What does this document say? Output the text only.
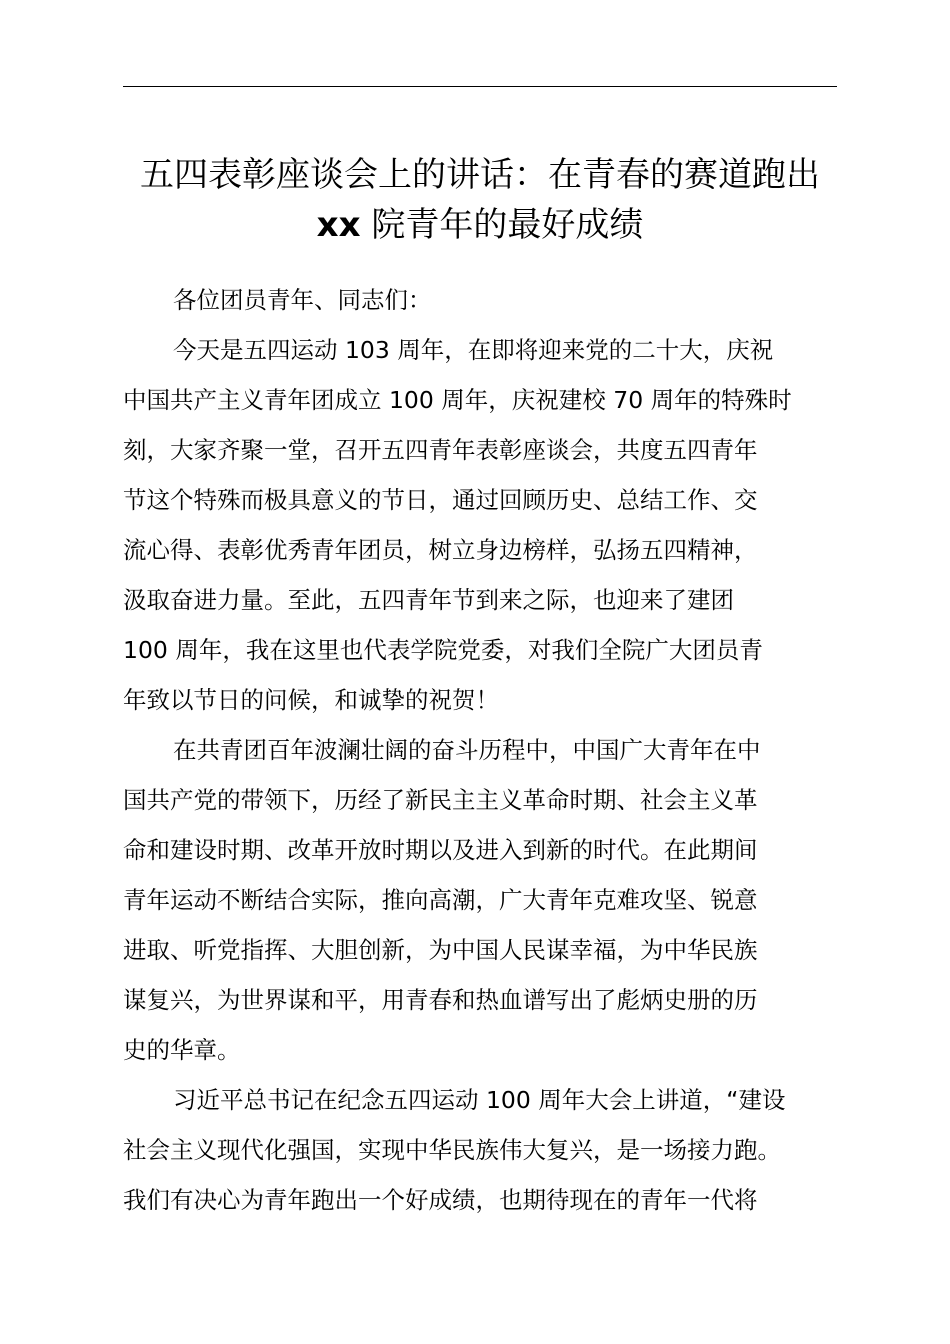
五四表彰座谈会上的讲话：在青春的赛道跑出
xx 院青年的最好成绩
各位团员青年、同志们：
今天是五四运动 103 周年，在即将迎来党的二十大，庆祝
中国共产主义青年团成立 100 周年，庆祝建校 70 周年的特殊时
刻，大家齐聚一堂，召开五四青年表彰座谈会，共度五四青年
节这个特殊而极具意义的节日，通过回顾历史、总结工作、交
流心得、表彰优秀青年团员，树立身边榜样，弘扬五四精神，
汲取奋进力量。至此，五四青年节到来之际，也迎来了建团
100 周年，我在这里也代表学院党委，对我们全院广大团员青
年致以节日的问候，和诚挚的祝贺！
在共青团百年波澜壮阔的奋斗历程中，中国广大青年在中
国共产党的带领下，历经了新民主主义革命时期、社会主义革
命和建设时期、改革开放时期以及进入到新的时代。在此期间
青年运动不断结合实际，推向高潮，广大青年克难攻坚、锐意
进取、听党指挥、大胆创新，为中国人民谋幸福，为中华民族
谋复兴，为世界谋和平，用青春和热血谱写出了彪炳史册的历
史的华章。
习近平总书记在纪念五四运动 100 周年大会上讲道，“建设
社会主义现代化强国，实现中华民族伟大复兴，是一场接力跑。
我们有决心为青年跑出一个好成绩，也期待现在的青年一代将
